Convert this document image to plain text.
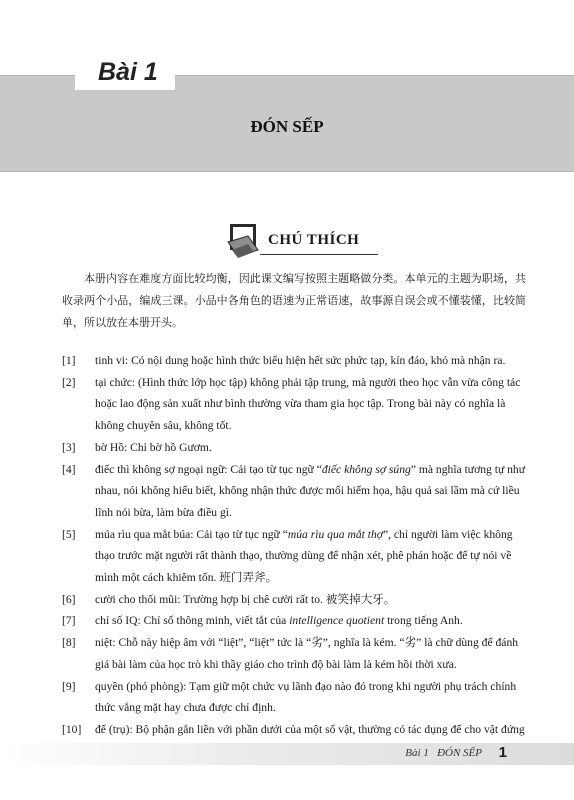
Bài 1
ĐÓN SẾP
CHÚ THÍCH
本册内容在难度方面比较均衡，因此课文编写按照主题略做分类。本单元的主题为职场，共收录两个小品，编成三课。小品中各角色的语速为正常语速，故事源自误会或不懂装懂，比较简单，所以放在本册开头。

[1] tinh vi: Có nội dung hoặc hình thức biểu hiện hết sức phức tạp, kín đáo, khó mà nhận ra.

[2] tại chức: (Hình thức lớp học tập) không phải tập trung, mà người theo học vẫn vừa công tác hoặc lao động sản xuất như bình thường vừa tham gia học tập. Trong bài này có nghĩa là không chuyên sâu, không tốt.

[3] bờ Hồ: Chỉ bờ hồ Gươm.

[4] điếc thì không sợ ngoại ngữ: Cải tạo từ tục ngữ “điếc không sợ súng” mà nghĩa tương tự như nhau, nói không hiểu biết, không nhận thức được mối hiểm họa, hậu quả sai lầm mà cứ liều lĩnh nói bừa, làm bừa điều gì.

[5] múa rìu qua mắt búa: Cải tạo từ tục ngữ “múa rìu qua mắt thợ”, chỉ người làm việc không thạo trước mặt người rất thành thạo, thường dùng để nhận xét, phê phán hoặc để tự nói về mình một cách khiêm tốn. 班门弄斧。

[6] cười cho thối mũi: Trường hợp bị chê cười rất to. 被笑掉大牙。

[7] chỉ số IQ: Chỉ số thông minh, viết tắt của intelligence quotient trong tiếng Anh.

[8] niệt: Chỗ này hiệp âm với “liệt”, “liệt” tức là “劣”, nghĩa là kém. “劣” là chữ dùng để đánh giá bài làm của học trò khi thầy giáo cho trình độ bài làm là kém hồi thời xưa.

[9] quyền (phó phòng): Tạm giữ một chức vụ lãnh đạo nào đó trong khi người phụ trách chính thức vắng mặt hay chưa được chỉ định.

[10] đế (trụ): Bộ phận gắn liền với phần dưới của một số vật, thường có tác dụng để cho vật đứng

Bài 1   ĐÓN SẾP 1
